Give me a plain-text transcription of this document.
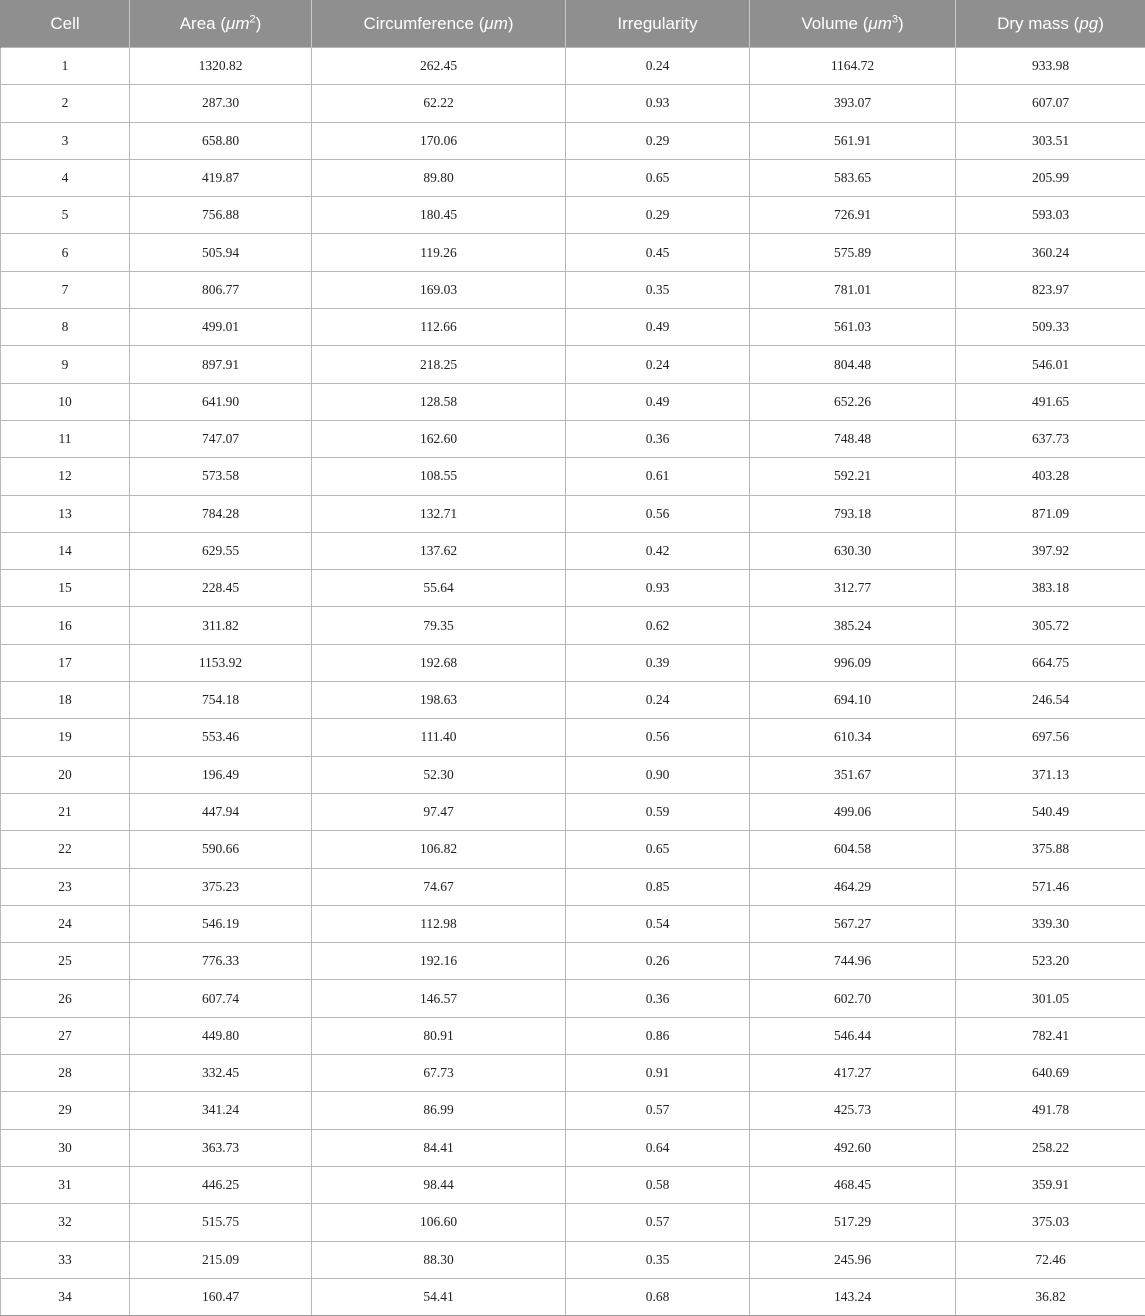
Cell	Area $(\mu m^2)$	Circumference (μm)	Irregularity	Volume $(\mu m^3)$	Dry mass (pg)
1	1320.82	262.45	0.24	1164.72	933.98
2	287.30	62.22	0.93	393.07	607.07
3	658.80	170.06	0.29	561.91	303.51
4	419.87	89.80	0.65	583.65	205.99
5	756.88	180.45	0.29	726.91	593.03
6	505.94	119.26	0.45	575.89	360.24
7	806.77	169.03	0.35	781.01	823.97
8	499.01	112.66	0.49	561.03	509.33
9	897.91	218.25	0.24	804.48	546.01
10	641.90	128.58	0.49	652.26	491.65
11	747.07	162.60	0.36	748.48	637.73
12	573.58	108.55	0.61	592.21	403.28
13	784.28	132.71	0.56	793.18	871.09
14	629.55	137.62	0.42	630.30	397.92
15	228.45	55.64	0.93	312.77	383.18
16	311.82	79.35	0.62	385.24	305.72
17	1153.92	192.68	0.39	996.09	664.75
18	754.18	198.63	0.24	694.10	246.54
19	553.46	111.40	0.56	610.34	697.56
20	196.49	52.30	0.90	351.67	371.13
21	447.94	97.47	0.59	499.06	540.49
22	590.66	106.82	0.65	604.58	375.88
23	375.23	74.67	0.85	464.29	571.46
24	546.19	112.98	0.54	567.27	339.30
25	776.33	192.16	0.26	744.96	523.20
26	607.74	146.57	0.36	602.70	301.05
27	449.80	80.91	0.86	546.44	782.41
28	332.45	67.73	0.91	417.27	640.69
29	341.24	86.99	0.57	425.73	491.78
30	363.73	84.41	0.64	492.60	258.22
31	446.25	98.44	0.58	468.45	359.91
32	515.75	106.60	0.57	517.29	375.03
33	215.09	88.30	0.35	245.96	72.46
34	160.47	54.41	0.68	143.24	36.82
